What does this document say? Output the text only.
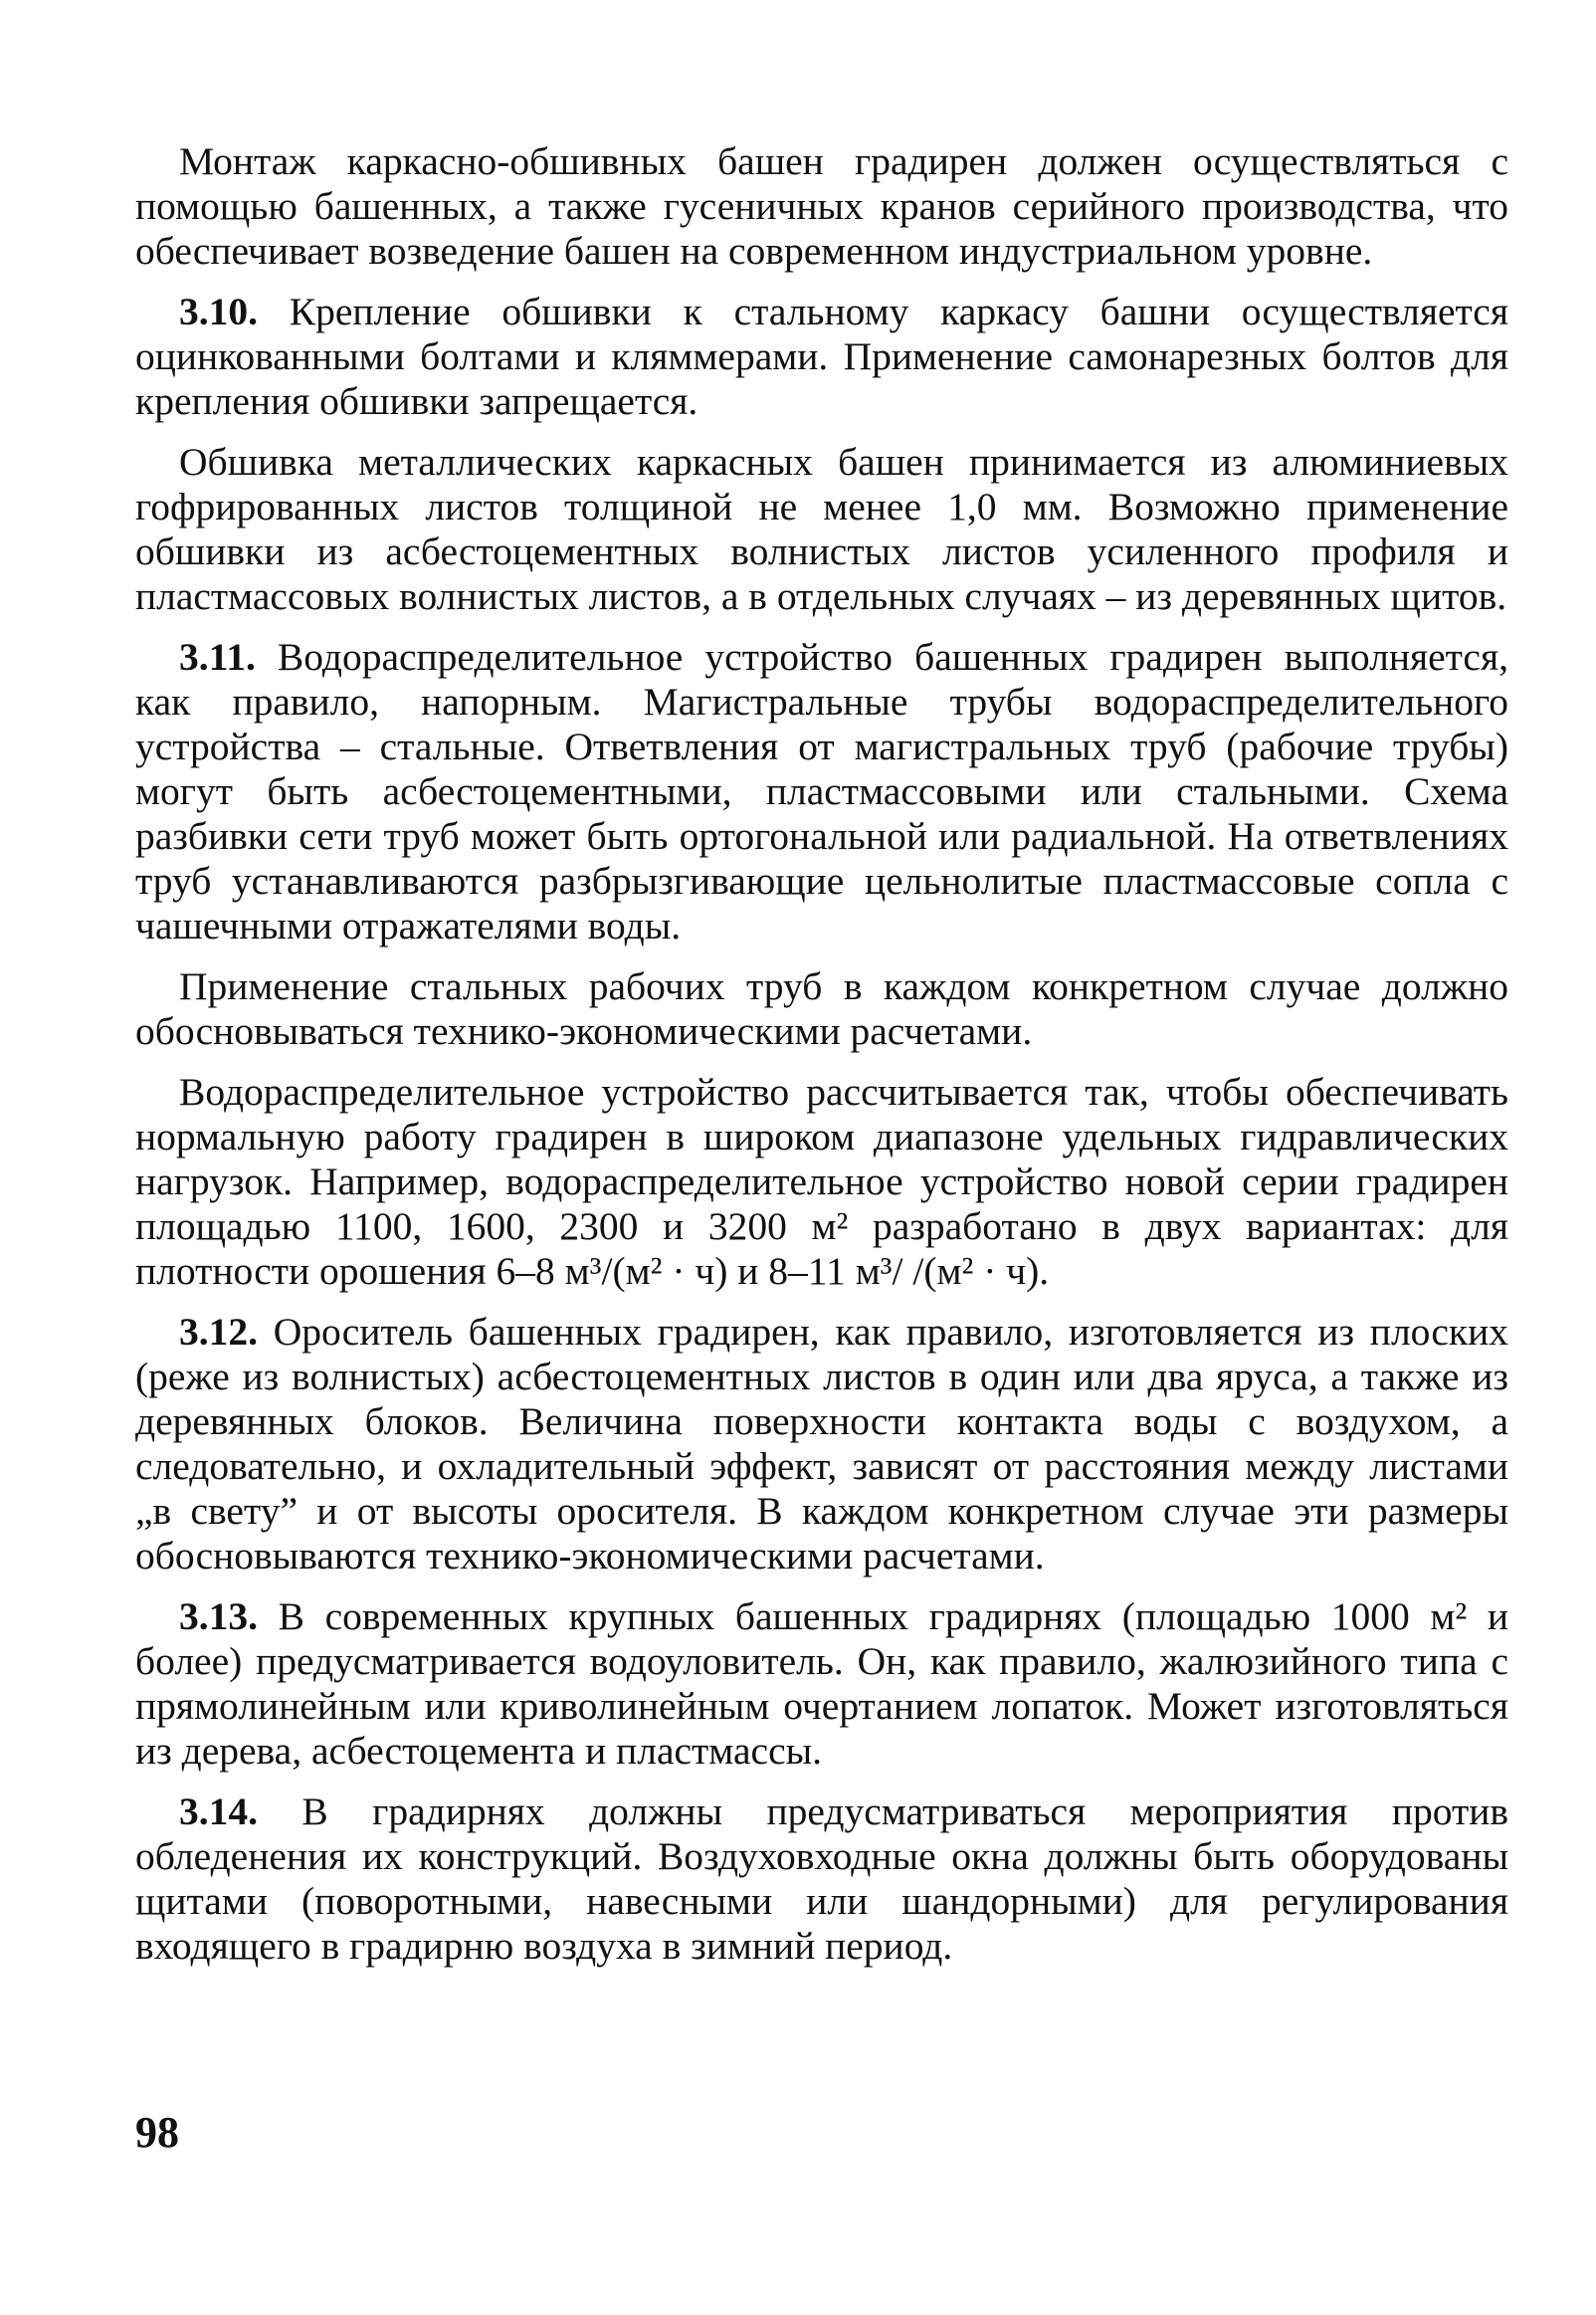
Монтаж каркасно-обшивных башен градирен должен осуществляться с помощью башенных, а также гусеничных кранов серийного производства, что обеспечивает возведение башен на современном индустриальном уровне.

3.10. Крепление обшивки к стальному каркасу башни осуществляется оцинкованными болтами и кляммерами. Применение самонарезных болтов для крепления обшивки запрещается.

Обшивка металлических каркасных башен принимается из алюминиевых гофрированных листов толщиной не менее 1,0 мм. Возможно применение обшивки из асбестоцементных волнистых листов усиленного профиля и пластмассовых волнистых листов, а в отдельных случаях – из деревянных щитов.

3.11. Водораспределительное устройство башенных градирен выполняется, как правило, напорным. Магистральные трубы водораспределительного устройства – стальные. Ответвления от магистральных труб (рабочие трубы) могут быть асбестоцементными, пластмассовыми или стальными. Схема разбивки сети труб может быть ортогональной или радиальной. На ответвлениях труб устанавливаются разбрызгивающие цельнолитые пластмассовые сопла с чашечными отражателями воды.

Применение стальных рабочих труб в каждом конкретном случае должно обосновываться технико-экономическими расчетами.

Водораспределительное устройство рассчитывается так, чтобы обеспечивать нормальную работу градирен в широком диапазоне удельных гидравлических нагрузок. Например, водораспределительное устройство новой серии градирен площадью 1100, 1600, 2300 и 3200 м² разработано в двух вариантах: для плотности орошения 6–8 м³/(м² · ч) и 8–11 м³/ /(м² · ч).

3.12. Ороситель башенных градирен, как правило, изготовляется из плоских (реже из волнистых) асбестоцементных листов в один или два яруса, а также из деревянных блоков. Величина поверхности контакта воды с воздухом, а следовательно, и охладительный эффект, зависят от расстояния между листами „в свету” и от высоты оросителя. В каждом конкретном случае эти размеры обосновываются технико-экономическими расчетами.

3.13. В современных крупных башенных градирнях (площадью 1000 м² и более) предусматривается водоуловитель. Он, как правило, жалюзийного типа с прямолинейным или криволинейным очертанием лопаток. Может изготовляться из дерева, асбестоцемента и пластмассы.

3.14. В градирнях должны предусматриваться мероприятия против обледенения их конструкций. Воздуховходные окна должны быть оборудованы щитами (поворотными, навесными или шандорными) для регулирования входящего в градирню воздуха в зимний период.

98
